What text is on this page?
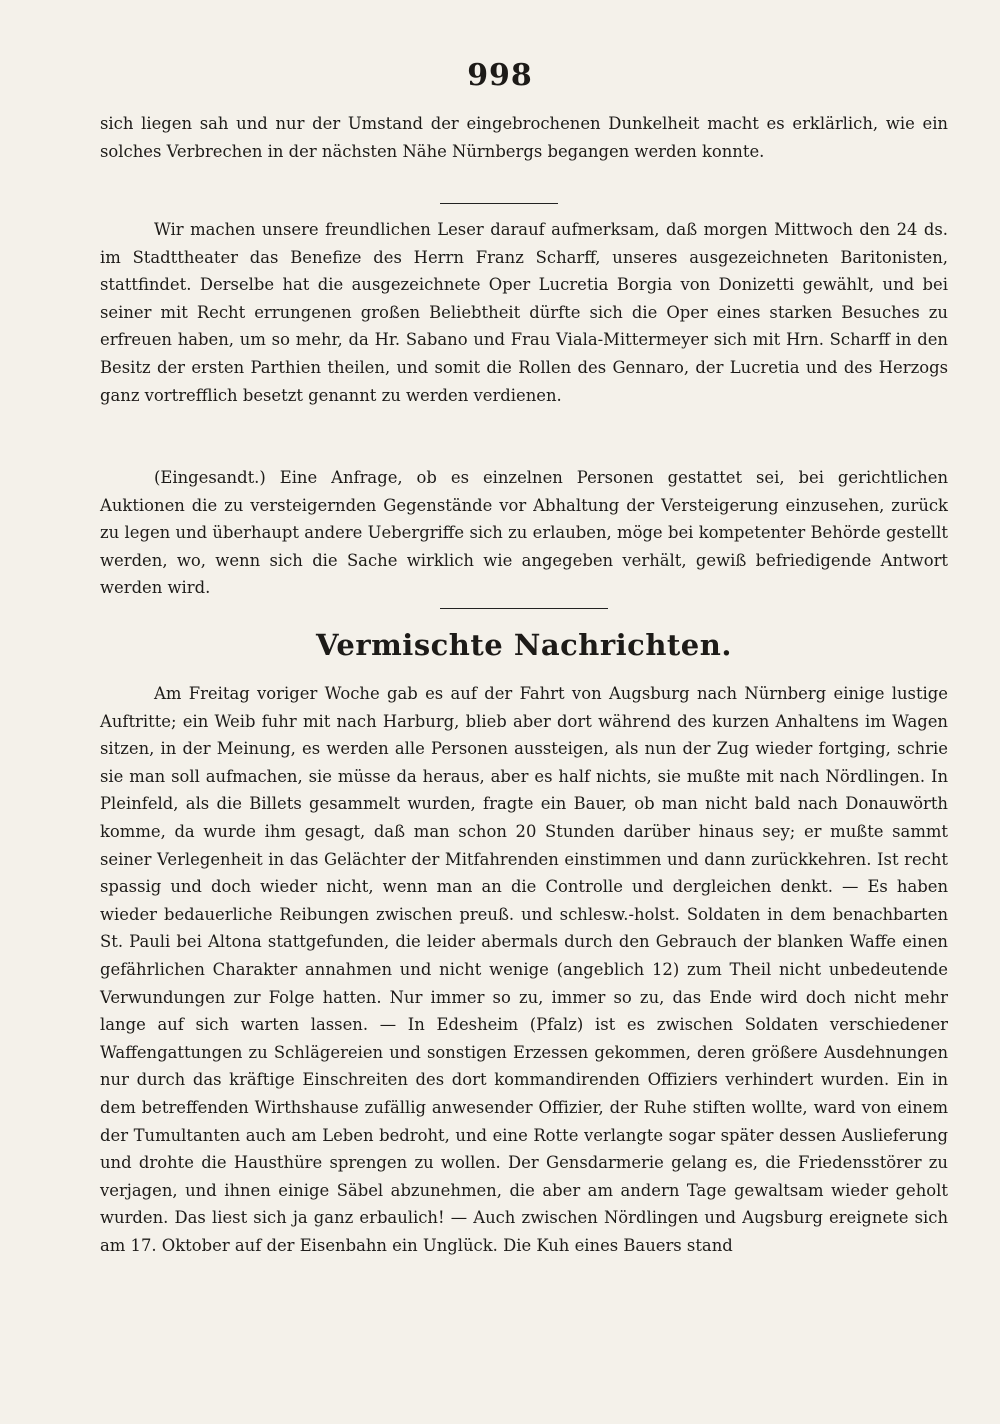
998

sich liegen sah und nur der Umstand der eingebrochenen Dunkelheit macht es erklärlich, wie ein solches Verbrechen in der nächsten Nähe Nürnbergs begangen werden konnte.

Wir machen unsere freundlichen Leser darauf aufmerksam, daß morgen Mittwoch den 24 ds. im Stadttheater das Benefize des Herrn Franz Scharff, unseres ausgezeichneten Baritonisten, stattfindet. Derselbe hat die ausgezeichnete Oper Lucretia Borgia von Donizetti gewählt, und bei seiner mit Recht errungenen großen Beliebtheit dürfte sich die Oper eines starken Besuches zu erfreuen haben, um so mehr, da Hr. Sabano und Frau Viala-Mittermeyer sich mit Hrn. Scharff in den Besitz der ersten Parthien theilen, und somit die Rollen des Gennaro, der Lucretia und des Herzogs ganz vortrefflich besetzt genannt zu werden verdienen.

(Eingesandt.) Eine Anfrage, ob es einzelnen Personen gestattet sei, bei gerichtlichen Auktionen die zu versteigernden Gegenstände vor Abhaltung der Versteigerung einzusehen, zurück zu legen und überhaupt andere Uebergriffe sich zu erlauben, möge bei kompetenter Behörde gestellt werden, wo, wenn sich die Sache wirklich wie angegeben verhält, gewiß befriedigende Antwort werden wird.

Vermischte Nachrichten.

Am Freitag voriger Woche gab es auf der Fahrt von Augsburg nach Nürnberg einige lustige Auftritte; ein Weib fuhr mit nach Harburg, blieb aber dort während des kurzen Anhaltens im Wagen sitzen, in der Meinung, es werden alle Personen aussteigen, als nun der Zug wieder fortging, schrie sie man soll aufmachen, sie müsse da heraus, aber es half nichts, sie mußte mit nach Nördlingen. In Pleinfeld, als die Billets gesammelt wurden, fragte ein Bauer, ob man nicht bald nach Donauwörth komme, da wurde ihm gesagt, daß man schon 20 Stunden darüber hinaus sey; er mußte sammt seiner Verlegenheit in das Gelächter der Mitfahrenden einstimmen und dann zurückkehren. Ist recht spassig und doch wieder nicht, wenn man an die Controlle und dergleichen denkt. — Es haben wieder bedauerliche Reibungen zwischen preuß. und schlesw.-holst. Soldaten in dem benachbarten St. Pauli bei Altona stattgefunden, die leider abermals durch den Gebrauch der blanken Waffe einen gefährlichen Charakter annahmen und nicht wenige (angeblich 12) zum Theil nicht unbedeutende Verwundungen zur Folge hatten. Nur immer so zu, immer so zu, das Ende wird doch nicht mehr lange auf sich warten lassen. — In Edesheim (Pfalz) ist es zwischen Soldaten verschiedener Waffengattungen zu Schlägereien und sonstigen Erzessen gekommen, deren größere Ausdehnungen nur durch das kräftige Einschreiten des dort kommandirenden Offiziers verhindert wurden. Ein in dem betreffenden Wirthshause zufällig anwesender Offizier, der Ruhe stiften wollte, ward von einem der Tumultanten auch am Leben bedroht, und eine Rotte verlangte sogar später dessen Auslieferung und drohte die Hausthüre sprengen zu wollen. Der Gensdarmerie gelang es, die Friedensstörer zu verjagen, und ihnen einige Säbel abzunehmen, die aber am andern Tage gewaltsam wieder geholt wurden. Das liest sich ja ganz erbaulich! — Auch zwischen Nördlingen und Augsburg ereignete sich am 17. Oktober auf der Eisenbahn ein Unglück. Die Kuh eines Bauers stand
